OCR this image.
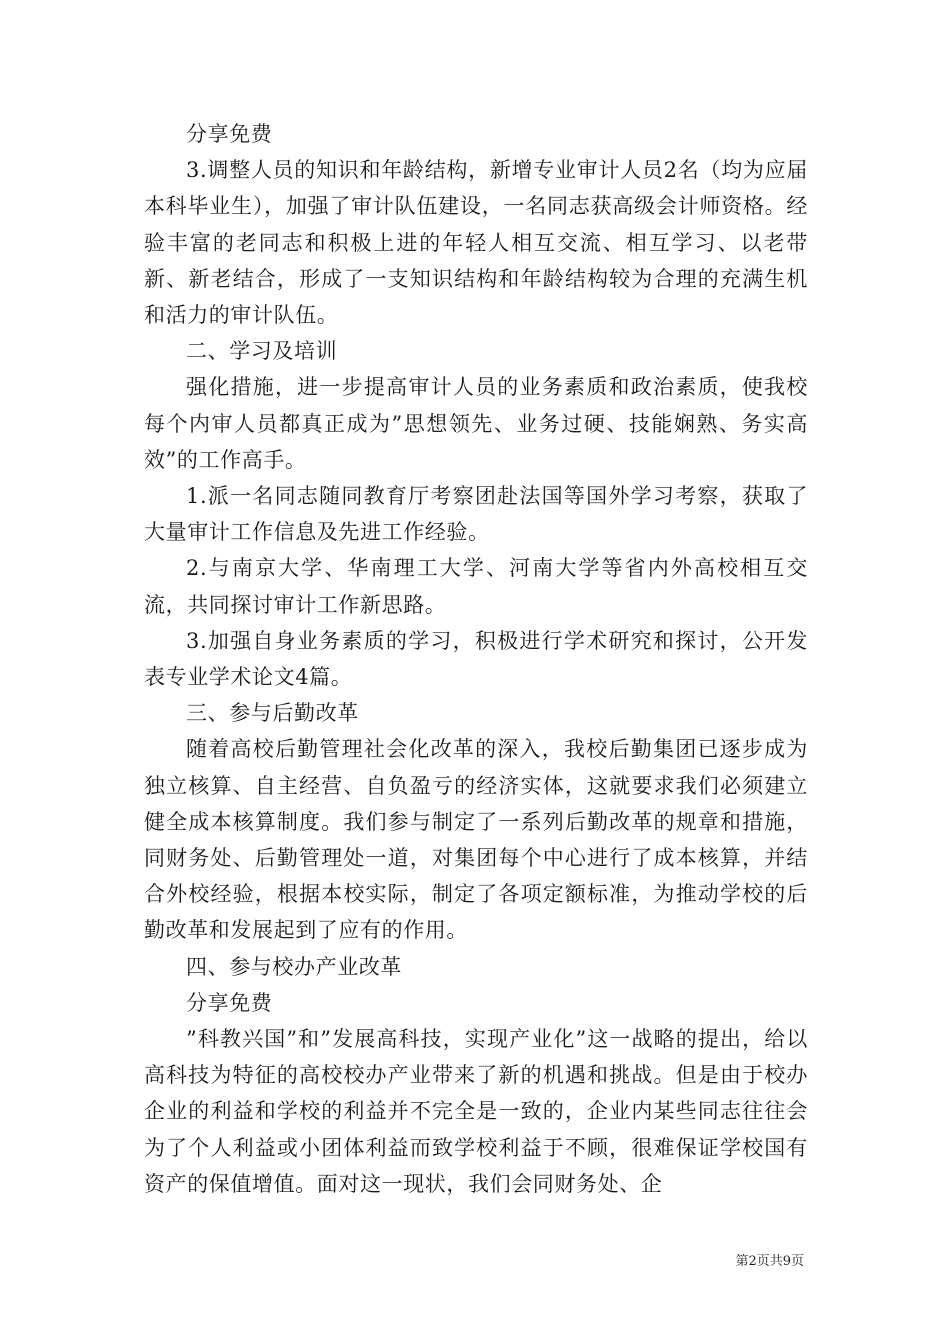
分享免费

3.调整人员的知识和年龄结构，新增专业审计人员2名（均为应届本科毕业生），加强了审计队伍建设，一名同志获高级会计师资格。经验丰富的老同志和积极上进的年轻人相互交流、相互学习、以老带新、新老结合，形成了一支知识结构和年龄结构较为合理的充满生机和活力的审计队伍。

二、学习及培训

强化措施，进一步提高审计人员的业务素质和政治素质，使我校每个内审人员都真正成为”思想领先、业务过硬、技能娴熟、务实高效”的工作高手。

1.派一名同志随同教育厅考察团赴法国等国外学习考察，获取了大量审计工作信息及先进工作经验。

2.与南京大学、华南理工大学、河南大学等省内外高校相互交流，共同探讨审计工作新思路。

3.加强自身业务素质的学习，积极进行学术研究和探讨，公开发表专业学术论文4篇。

三、参与后勤改革

随着高校后勤管理社会化改革的深入，我校后勤集团已逐步成为独立核算、自主经营、自负盈亏的经济实体，这就要求我们必须建立健全成本核算制度。我们参与制定了一系列后勤改革的规章和措施，同财务处、后勤管理处一道，对集团每个中心进行了成本核算，并结合外校经验，根据本校实际，制定了各项定额标准，为推动学校的后勤改革和发展起到了应有的作用。

四、参与校办产业改革

分享免费

”科教兴国”和”发展高科技，实现产业化”这一战略的提出，给以高科技为特征的高校校办产业带来了新的机遇和挑战。但是由于校办企业的利益和学校的利益并不完全是一致的，企业内某些同志往往会为了个人利益或小团体利益而致学校利益于不顾，很难保证学校国有资产的保值增值。面对这一现状，我们会同财务处、企

第2页共9页
